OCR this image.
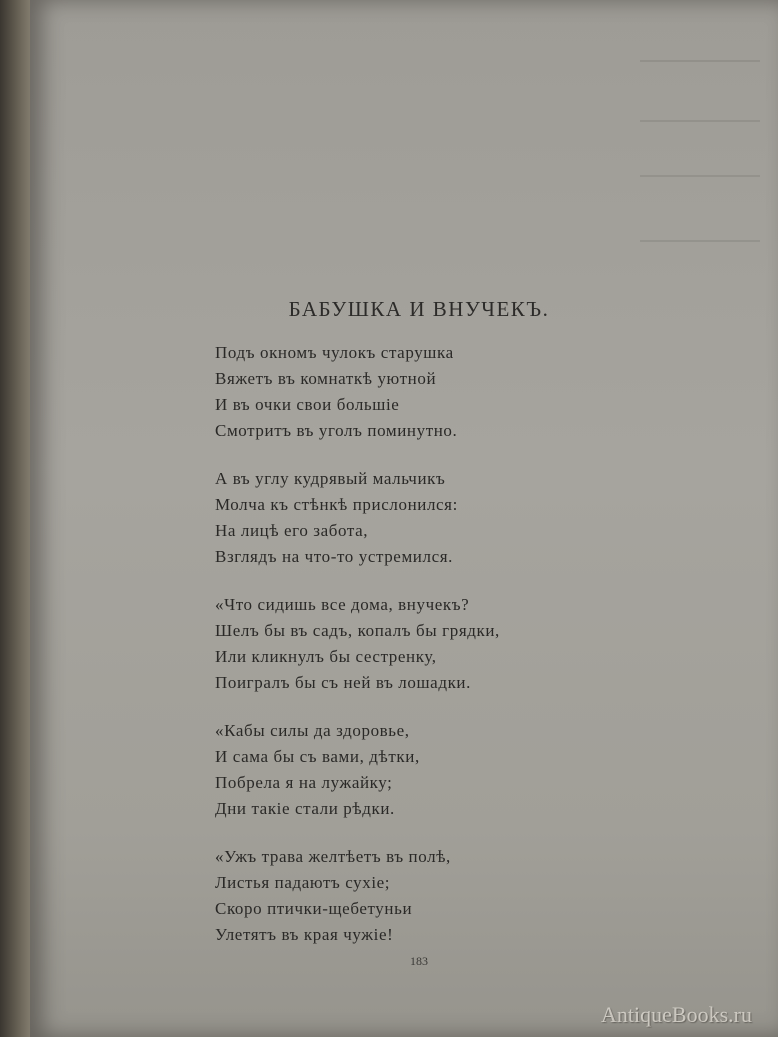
БАБУШКА И ВНУЧЕКЪ.
Подъ окномъ чулокъ старушка
Вяжетъ въ комнаткѣ уютной
И въ очки свои большіе
Смотритъ въ уголъ поминутно.
А въ углу кудрявый мальчикъ
Молча къ стѣнкѣ прислонился:
На лицѣ его забота,
Взглядъ на что-то устремился.
«Что сидишь все дома, внучекъ?
Шелъ бы въ садъ, копалъ бы грядки,
Или кликнулъ бы сестренку,
Поигралъ бы съ ней въ лошадки.
«Кабы силы да здоровье,
И сама бы съ вами, дѣтки,
Побрела я на лужайку;
Дни такіе стали рѣдки.
«Ужъ трава желтѣетъ въ полѣ,
Листья падаютъ сухіе;
Скоро птички-щебетуньи
Улетятъ въ края чужіе!
183
AntiqueBooks.ru
